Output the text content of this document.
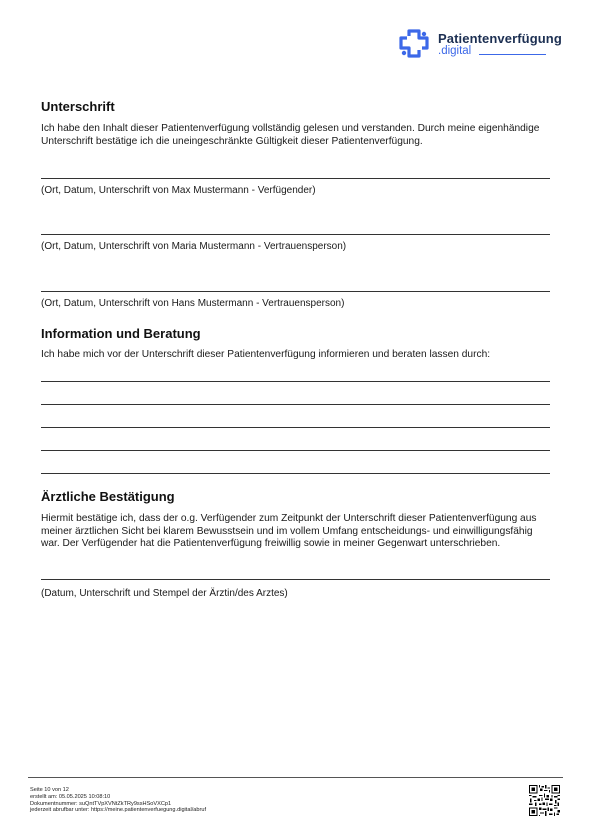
Patientenverfügung
.digital
Unterschrift

Ich habe den Inhalt dieser Patientenverfügung vollständig gelesen und verstanden. Durch meine eigenhändige Unterschrift bestätige ich die uneingeschränkte Gültigkeit dieser Patientenverfügung.

(Ort, Datum, Unterschrift von Max Mustermann - Verfügender)
(Ort, Datum, Unterschrift von Maria Mustermann - Vertrauensperson)
(Ort, Datum, Unterschrift von Hans Mustermann - Vertrauensperson)
Information und Beratung

Ich habe mich vor der Unterschrift dieser Patientenverfügung informieren und beraten lassen durch:

Ärztliche Bestätigung

Hiermit bestätige ich, dass der o.g. Verfügender zum Zeitpunkt der Unterschrift dieser Patientenverfügung aus meiner ärztlichen Sicht bei klarem Bewusstsein und im vollem Umfang entscheidungs- und einwilligungsfähig war. Der Verfügender hat die Patientenverfügung freiwillig sowie in meiner Gegenwart unterschrieben.

(Datum, Unterschrift und Stempel der Ärztin/des Arztes)
Seite 10 von 12
erstellt am: 05.05.2025 10:08:10
Dokumentnummer: suQntTVpXVNtZkTRy9ssHSoVXCp1
jederzeit abrufbar unter: https://meine.patientenverfuegung.digital/abruf
